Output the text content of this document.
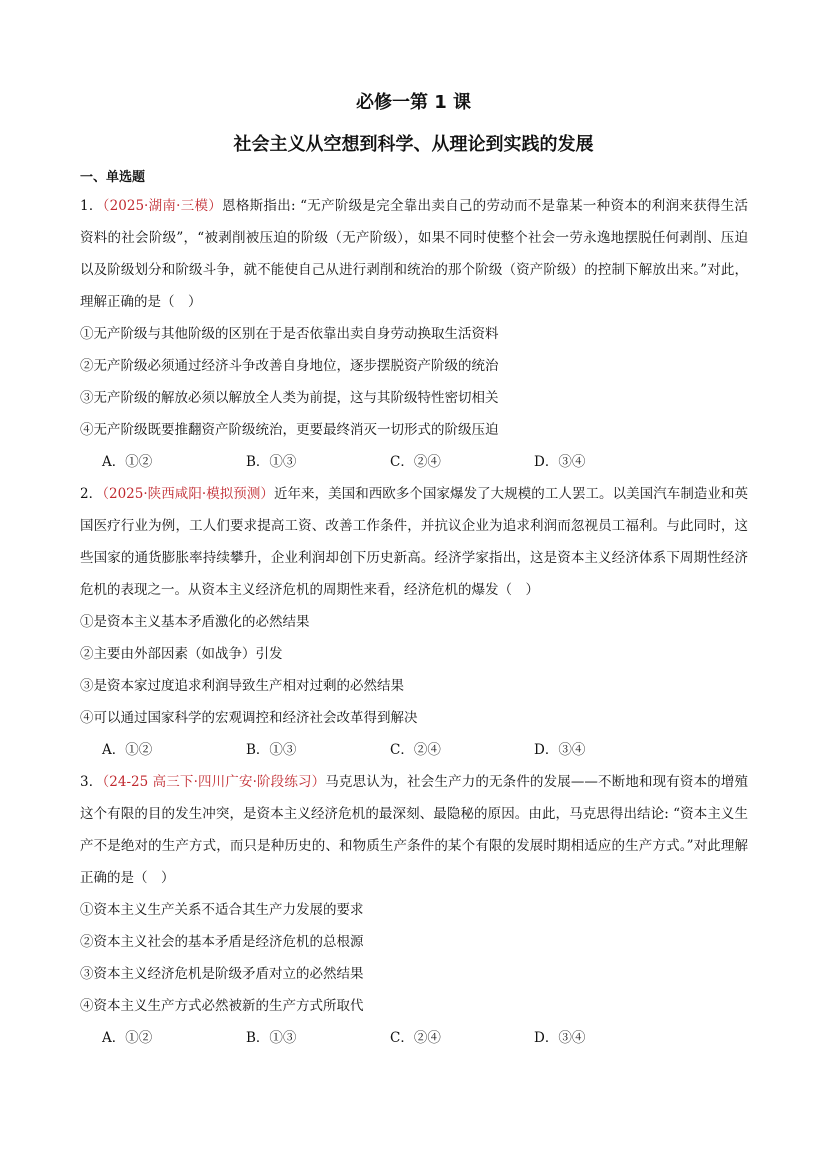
必修一第 1 课
社会主义从空想到科学、从理论到实践的发展
一、单选题

1．（2025·湖南·三模）恩格斯指出: “无产阶级是完全靠出卖自己的劳动而不是靠某一种资本的利润来获得生活资料的社会阶级”，“被剥削被压迫的阶级（无产阶级），如果不同时使整个社会一劳永逸地摆脱任何剥削、压迫以及阶级划分和阶级斗争，就不能使自己从进行剥削和统治的那个阶级（资产阶级）的控制下解放出来。”对此，理解正确的是（　）

①无产阶级与其他阶级的区别在于是否依靠出卖自身劳动换取生活资料

②无产阶级必须通过经济斗争改善自身地位，逐步摆脱资产阶级的统治

③无产阶级的解放必须以解放全人类为前提，这与其阶级特性密切相关

④无产阶级既要推翻资产阶级统治，更要最终消灭一切形式的阶级压迫

A．①②	B．①③	C．②④	D．③④

2．（2025·陕西咸阳·模拟预测）近年来，美国和西欧多个国家爆发了大规模的工人罢工。以美国汽车制造业和英国医疗行业为例，工人们要求提高工资、改善工作条件，并抗议企业为追求利润而忽视员工福利。与此同时，这些国家的通货膨胀率持续攀升，企业利润却创下历史新高。经济学家指出，这是资本主义经济体系下周期性经济危机的表现之一。从资本主义经济危机的周期性来看，经济危机的爆发（　）

①是资本主义基本矛盾激化的必然结果

②主要由外部因素（如战争）引发

③是资本家过度追求利润导致生产相对过剩的必然结果

④可以通过国家科学的宏观调控和经济社会改革得到解决

A．①②	B．①③	C．②④	D．③④

3．（24-25 高三下·四川广安·阶段练习）马克思认为，社会生产力的无条件的发展——不断地和现有资本的增殖这个有限的目的发生冲突，是资本主义经济危机的最深刻、最隐秘的原因。由此，马克思得出结论: “资本主义生产不是绝对的生产方式，而只是种历史的、和物质生产条件的某个有限的发展时期相适应的生产方式。”对此理解正确的是（　）

①资本主义生产关系不适合其生产力发展的要求

②资本主义社会的基本矛盾是经济危机的总根源

③资本主义经济危机是阶级矛盾对立的必然结果

④资本主义生产方式必然被新的生产方式所取代

A．①②	B．①③	C．②④	D．③④
